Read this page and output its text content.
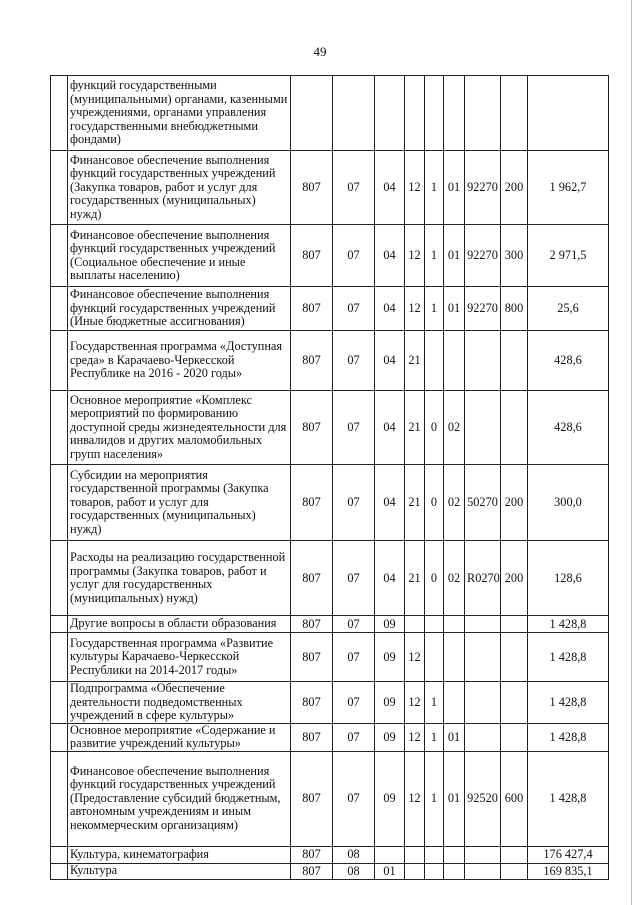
49
	функций государственными (муниципальными) органами, казенными учреждениями, органами управления государственными внебюджетными фондами)									
	Финансовое обеспечение выполнения функций государственных учреждений (Закупка товаров, работ и услуг для государственных (муниципальных) нужд)	807	07	04	12	1	01	92270	200	1 962,7
	Финансовое обеспечение выполнения функций государственных учреждений (Социальное обеспечение и иные выплаты населению)	807	07	04	12	1	01	92270	300	2 971,5
	Финансовое обеспечение выполнения функций государственных учреждений (Иные бюджетные ассигнования)	807	07	04	12	1	01	92270	800	25,6
	Государственная программа «Доступная среда» в Карачаево-Черкесской Республике на 2016 - 2020 годы»	807	07	04	21					428,6
	Основное мероприятие «Комплекс мероприятий по формированию доступной среды жизнедеятельности для инвалидов и других маломобильных групп населения»	807	07	04	21	0	02			428,6
	Субсидии на мероприятия государственной программы (Закупка товаров, работ и услуг для государственных (муниципальных) нужд)	807	07	04	21	0	02	50270	200	300,0
	Расходы на реализацию государственной программы (Закупка товаров, работ и услуг для государственных (муниципальных) нужд)	807	07	04	21	0	02	R0270	200	128,6
	Другие вопросы в области образования	807	07	09						1 428,8
	Государственная программа «Развитие культуры Карачаево-Черкесской Республики на 2014-2017 годы»	807	07	09	12					1 428,8
	Подпрограмма «Обеспечение деятельности подведомственных учреждений в сфере культуры»	807	07	09	12	1				1 428,8
	Основное мероприятие «Содержание и развитие учреждений культуры»	807	07	09	12	1	01			1 428,8
	Финансовое обеспечение выполнения функций государственных учреждений (Предоставление субсидий бюджетным, автономным учреждениям и иным некоммерческим организациям)	807	07	09	12	1	01	92520	600	1 428,8
	Культура, кинематография	807	08							176 427,4
	Культура	807	08	01						169 835,1
